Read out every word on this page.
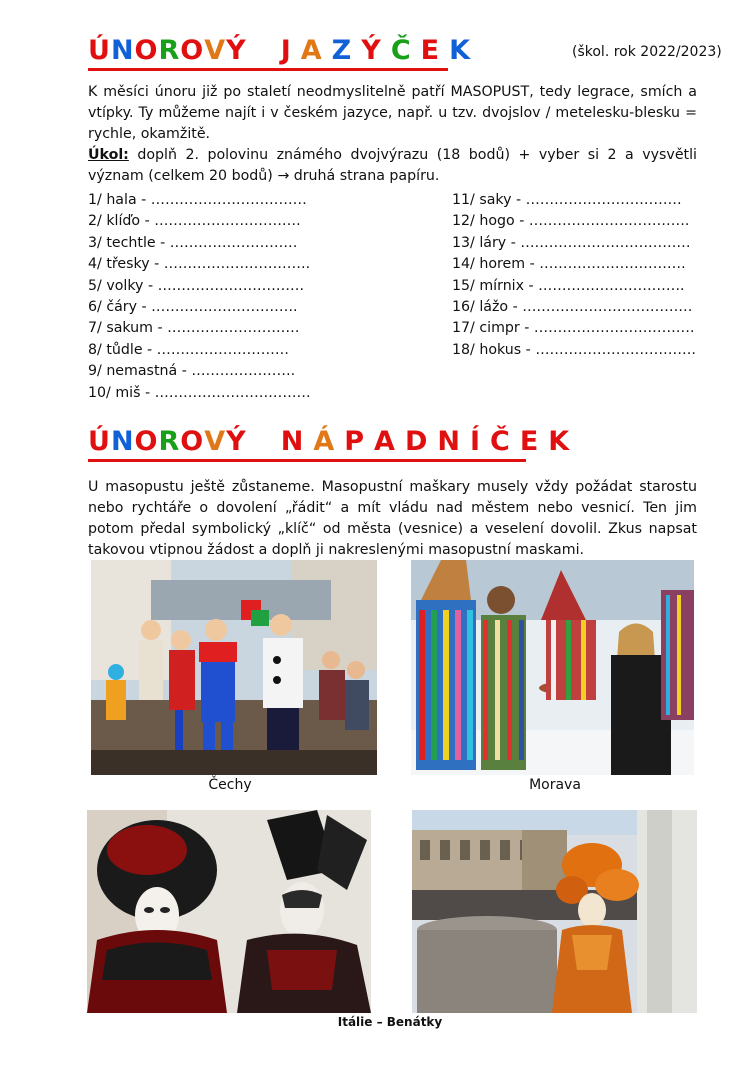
ÚNOROVÝ J A Z Ý Č E K	(škol. rok 2022/2023)
K měsíci únoru již po staletí neodmyslitelně patří MASOPUST, tedy legrace, smích a vtípky. Ty můžeme najít i v českém jazyce, např. u tzv. dvojslov / metelesku-blesku = rychle, okamžitě.
Úkol: doplň 2. polovinu známého dvojvýrazu (18 bodů) + vyber si 2 a vysvětli význam (celkem 20 bodů) → druhá strana papíru.
1/ hala - ……………………………
2/ klíďo - ………………………….
3/ techtle - ………………………
4/ třesky - ………………………….
5/ volky - ………………………….
6/ čáry - ………………………….
7/ sakum - ……………………….
8/ tůdle - ……………………….
9/ nemastná - ………………….
10/ miš - ……………………………
11/ saky - ……………………………
12/ hogo - …………………………….
13/ láry - ………………………………
14/ horem - ………………………….
15/ mírnix - ………………………….
16/ lážo - ………………………………
17/ cimpr - …………………………….
18/ hokus - …………………………….
ÚNOROVÝ N Á P A D N Í Č E K
U masopustu ještě zůstaneme. Masopustní maškary musely vždy požádat starostu nebo rychtáře o dovolení „řádit“ a mít vládu nad městem nebo vesnicí. Ten jim potom předal symbolický „klíč“ od města (vesnice) a veselení dovolil. Zkus napsat takovou vtipnou žádost a doplň ji nakreslenými masopustní maskami.
Čechy	Morava
Itálie – Benátky
